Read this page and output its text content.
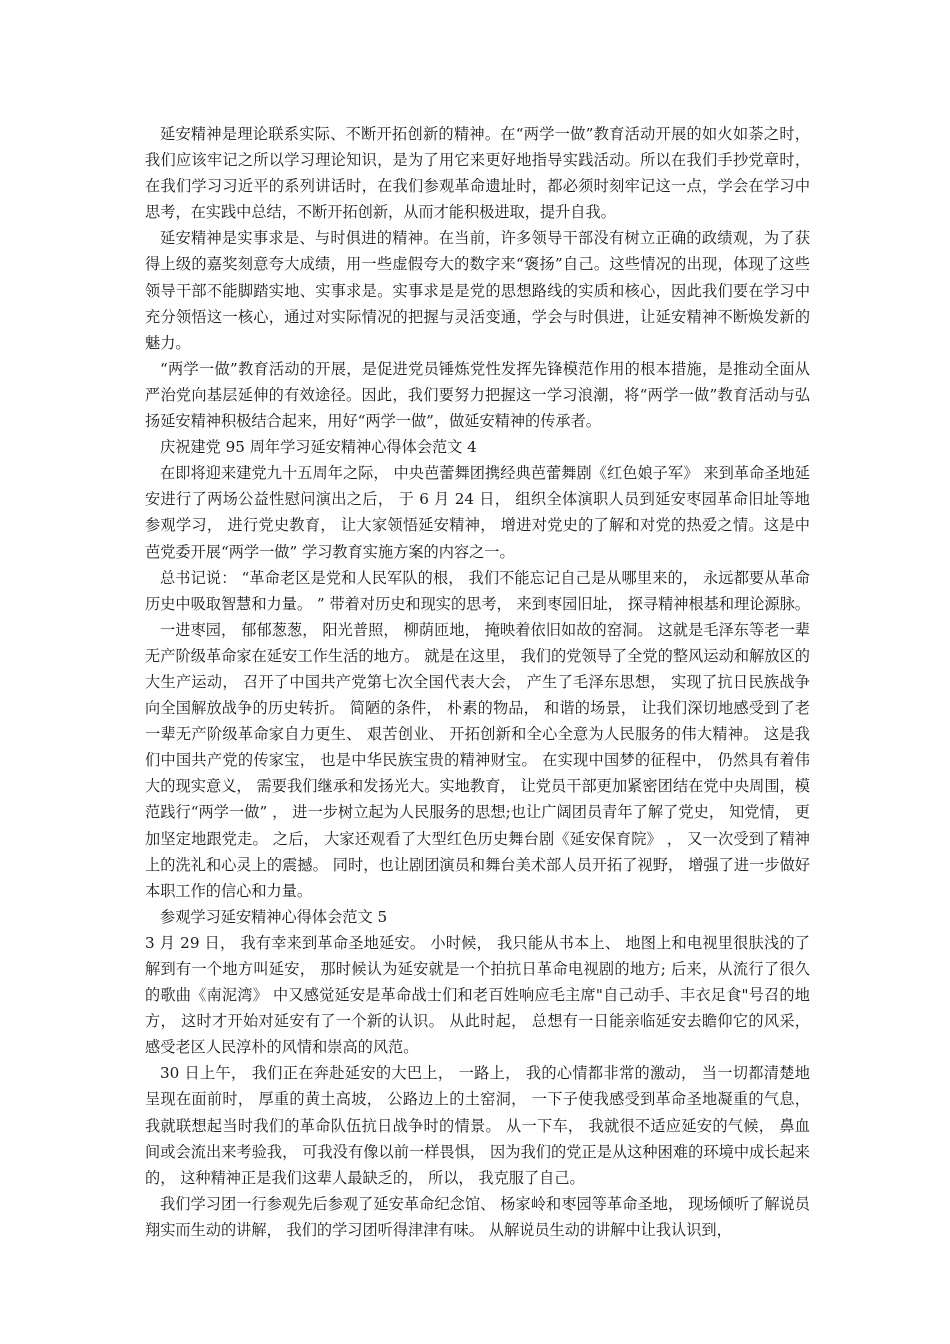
延安精神是理论联系实际、不断开拓创新的精神。在“两学一做”教育活动开展的如火如荼之时，我们应该牢记之所以学习理论知识，是为了用它来更好地指导实践活动。所以在我们手抄党章时，在我们学习习近平的系列讲话时，在我们参观革命遗址时，都必须时刻牢记这一点，学会在学习中思考，在实践中总结，不断开拓创新，从而才能积极进取，提升自我。

延安精神是实事求是、与时俱进的精神。在当前，许多领导干部没有树立正确的政绩观，为了获得上级的嘉奖刻意夸大成绩，用一些虚假夸大的数字来“褒扬”自己。这些情况的出现，体现了这些领导干部不能脚踏实地、实事求是。实事求是是党的思想路线的实质和核心，因此我们要在学习中充分领悟这一核心，通过对实际情况的把握与灵活变通，学会与时俱进，让延安精神不断焕发新的魅力。

“两学一做”教育活动的开展，是促进党员锤炼党性发挥先锋模范作用的根本措施，是推动全面从严治党向基层延伸的有效途径。因此，我们要努力把握这一学习浪潮，将“两学一做”教育活动与弘扬延安精神积极结合起来，用好“两学一做”，做延安精神的传承者。

庆祝建党 95 周年学习延安精神心得体会范文 4

在即将迎来建党九十五周年之际， 中央芭蕾舞团携经典芭蕾舞剧《红色娘子军》 来到革命圣地延安进行了两场公益性慰问演出之后， 于 6 月 24 日， 组织全体演职人员到延安枣园革命旧址等地参观学习， 进行党史教育， 让大家领悟延安精神， 增进对党史的了解和对党的热爱之情。这是中芭党委开展“两学一做” 学习教育实施方案的内容之一。

总书记说： “革命老区是党和人民军队的根， 我们不能忘记自己是从哪里来的， 永远都要从革命历史中吸取智慧和力量。 ” 带着对历史和现实的思考， 来到枣园旧址， 探寻精神根基和理论源脉。

一进枣园， 郁郁葱葱， 阳光普照， 柳荫匝地， 掩映着依旧如故的窑洞。 这就是毛泽东等老一辈无产阶级革命家在延安工作生活的地方。 就是在这里， 我们的党领导了全党的整风运动和解放区的大生产运动， 召开了中国共产党第七次全国代表大会， 产生了毛泽东思想， 实现了抗日民族战争向全国解放战争的历史转折。 简陋的条件， 朴素的物品， 和谐的场景， 让我们深切地感受到了老一辈无产阶级革命家自力更生、 艰苦创业、 开拓创新和全心全意为人民服务的伟大精神。 这是我们中国共产党的传家宝， 也是中华民族宝贵的精神财宝。 在实现中国梦的征程中， 仍然具有着伟大的现实意义， 需要我们继承和发扬光大。实地教育， 让党员干部更加紧密团结在党中央周围，模范践行“两学一做” ， 进一步树立起为人民服务的思想;也让广阔团员青年了解了党史， 知党情， 更加坚定地跟党走。 之后， 大家还观看了大型红色历史舞台剧《延安保育院》 ， 又一次受到了精神上的洗礼和心灵上的震撼。 同时，也让剧团演员和舞台美术部人员开拓了视野， 增强了进一步做好本职工作的信心和力量。

参观学习延安精神心得体会范文 5

3 月 29 日， 我有幸来到革命圣地延安。 小时候， 我只能从书本上、 地图上和电视里很肤浅的了解到有一个地方叫延安， 那时候认为延安就是一个拍抗日革命电视剧的地方; 后来，从流行了很久的歌曲《南泥湾》 中又感觉延安是革命战士们和老百姓响应毛主席"自己动手、丰衣足食"号召的地方， 这时才开始对延安有了一个新的认识。 从此时起， 总想有一日能亲临延安去瞻仰它的风采， 感受老区人民淳朴的风情和崇高的风范。

30 日上午， 我们正在奔赴延安的大巴上， 一路上， 我的心情都非常的激动， 当一切都清楚地呈现在面前时， 厚重的黄土高坡， 公路边上的土窑洞， 一下子使我感受到革命圣地凝重的气息， 我就联想起当时我们的革命队伍抗日战争时的情景。 从一下车， 我就很不适应延安的气候， 鼻血间或会流出来考验我， 可我没有像以前一样畏惧， 因为我们的党正是从这种困难的环境中成长起来的， 这种精神正是我们这辈人最缺乏的， 所以， 我克服了自己。

我们学习团一行参观先后参观了延安革命纪念馆、 杨家岭和枣园等革命圣地， 现场倾听了解说员翔实而生动的讲解， 我们的学习团听得津津有味。 从解说员生动的讲解中让我认识到，
